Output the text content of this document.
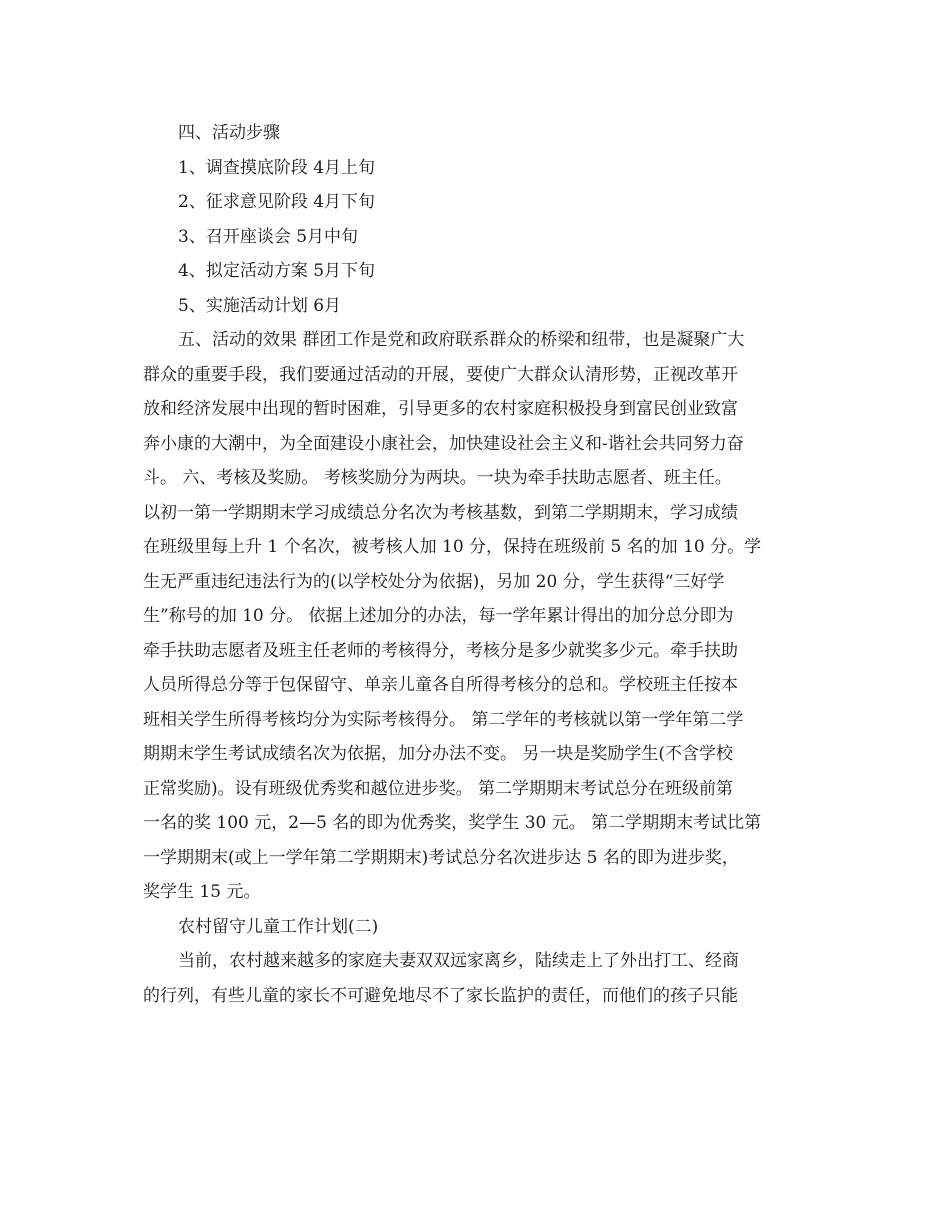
四、活动步骤
1、调查摸底阶段 4月上旬
2、征求意见阶段 4月下旬
3、召开座谈会 5月中旬
4、拟定活动方案 5月下旬
5、实施活动计划 6月
五、活动的效果 群团工作是党和政府联系群众的桥梁和纽带，也是凝聚广大
群众的重要手段，我们要通过活动的开展，要使广大群众认清形势，正视改革开
放和经济发展中出现的暂时困难，引导更多的农村家庭积极投身到富民创业致富
奔小康的大潮中，为全面建设小康社会，加快建设社会主义和-谐社会共同努力奋
斗。 六、考核及奖励。 考核奖励分为两块。一块为牵手扶助志愿者、班主任。
以初一第一学期期末学习成绩总分名次为考核基数，到第二学期期末，学习成绩
在班级里每上升 1 个名次，被考核人加 10 分，保持在班级前 5 名的加 10 分。学
生无严重违纪违法行为的(以学校处分为依据)，另加 20 分，学生获得“三好学
生”称号的加 10 分。 依据上述加分的办法，每一学年累计得出的加分总分即为
牵手扶助志愿者及班主任老师的考核得分，考核分是多少就奖多少元。牵手扶助
人员所得总分等于包保留守、单亲儿童各自所得考核分的总和。学校班主任按本
班相关学生所得考核均分为实际考核得分。 第二学年的考核就以第一学年第二学
期期末学生考试成绩名次为依据，加分办法不变。 另一块是奖励学生(不含学校
正常奖励)。设有班级优秀奖和越位进步奖。 第二学期期末考试总分在班级前第
一名的奖 100 元，2—5 名的即为优秀奖，奖学生 30 元。 第二学期期末考试比第
一学期期末(或上一学年第二学期期末)考试总分名次进步达 5 名的即为进步奖，
奖学生 15 元。
农村留守儿童工作计划(二)
当前，农村越来越多的家庭夫妻双双远家离乡，陆续走上了外出打工、经商
的行列，有些儿童的家长不可避免地尽不了家长监护的责任，而他们的孩子只能
